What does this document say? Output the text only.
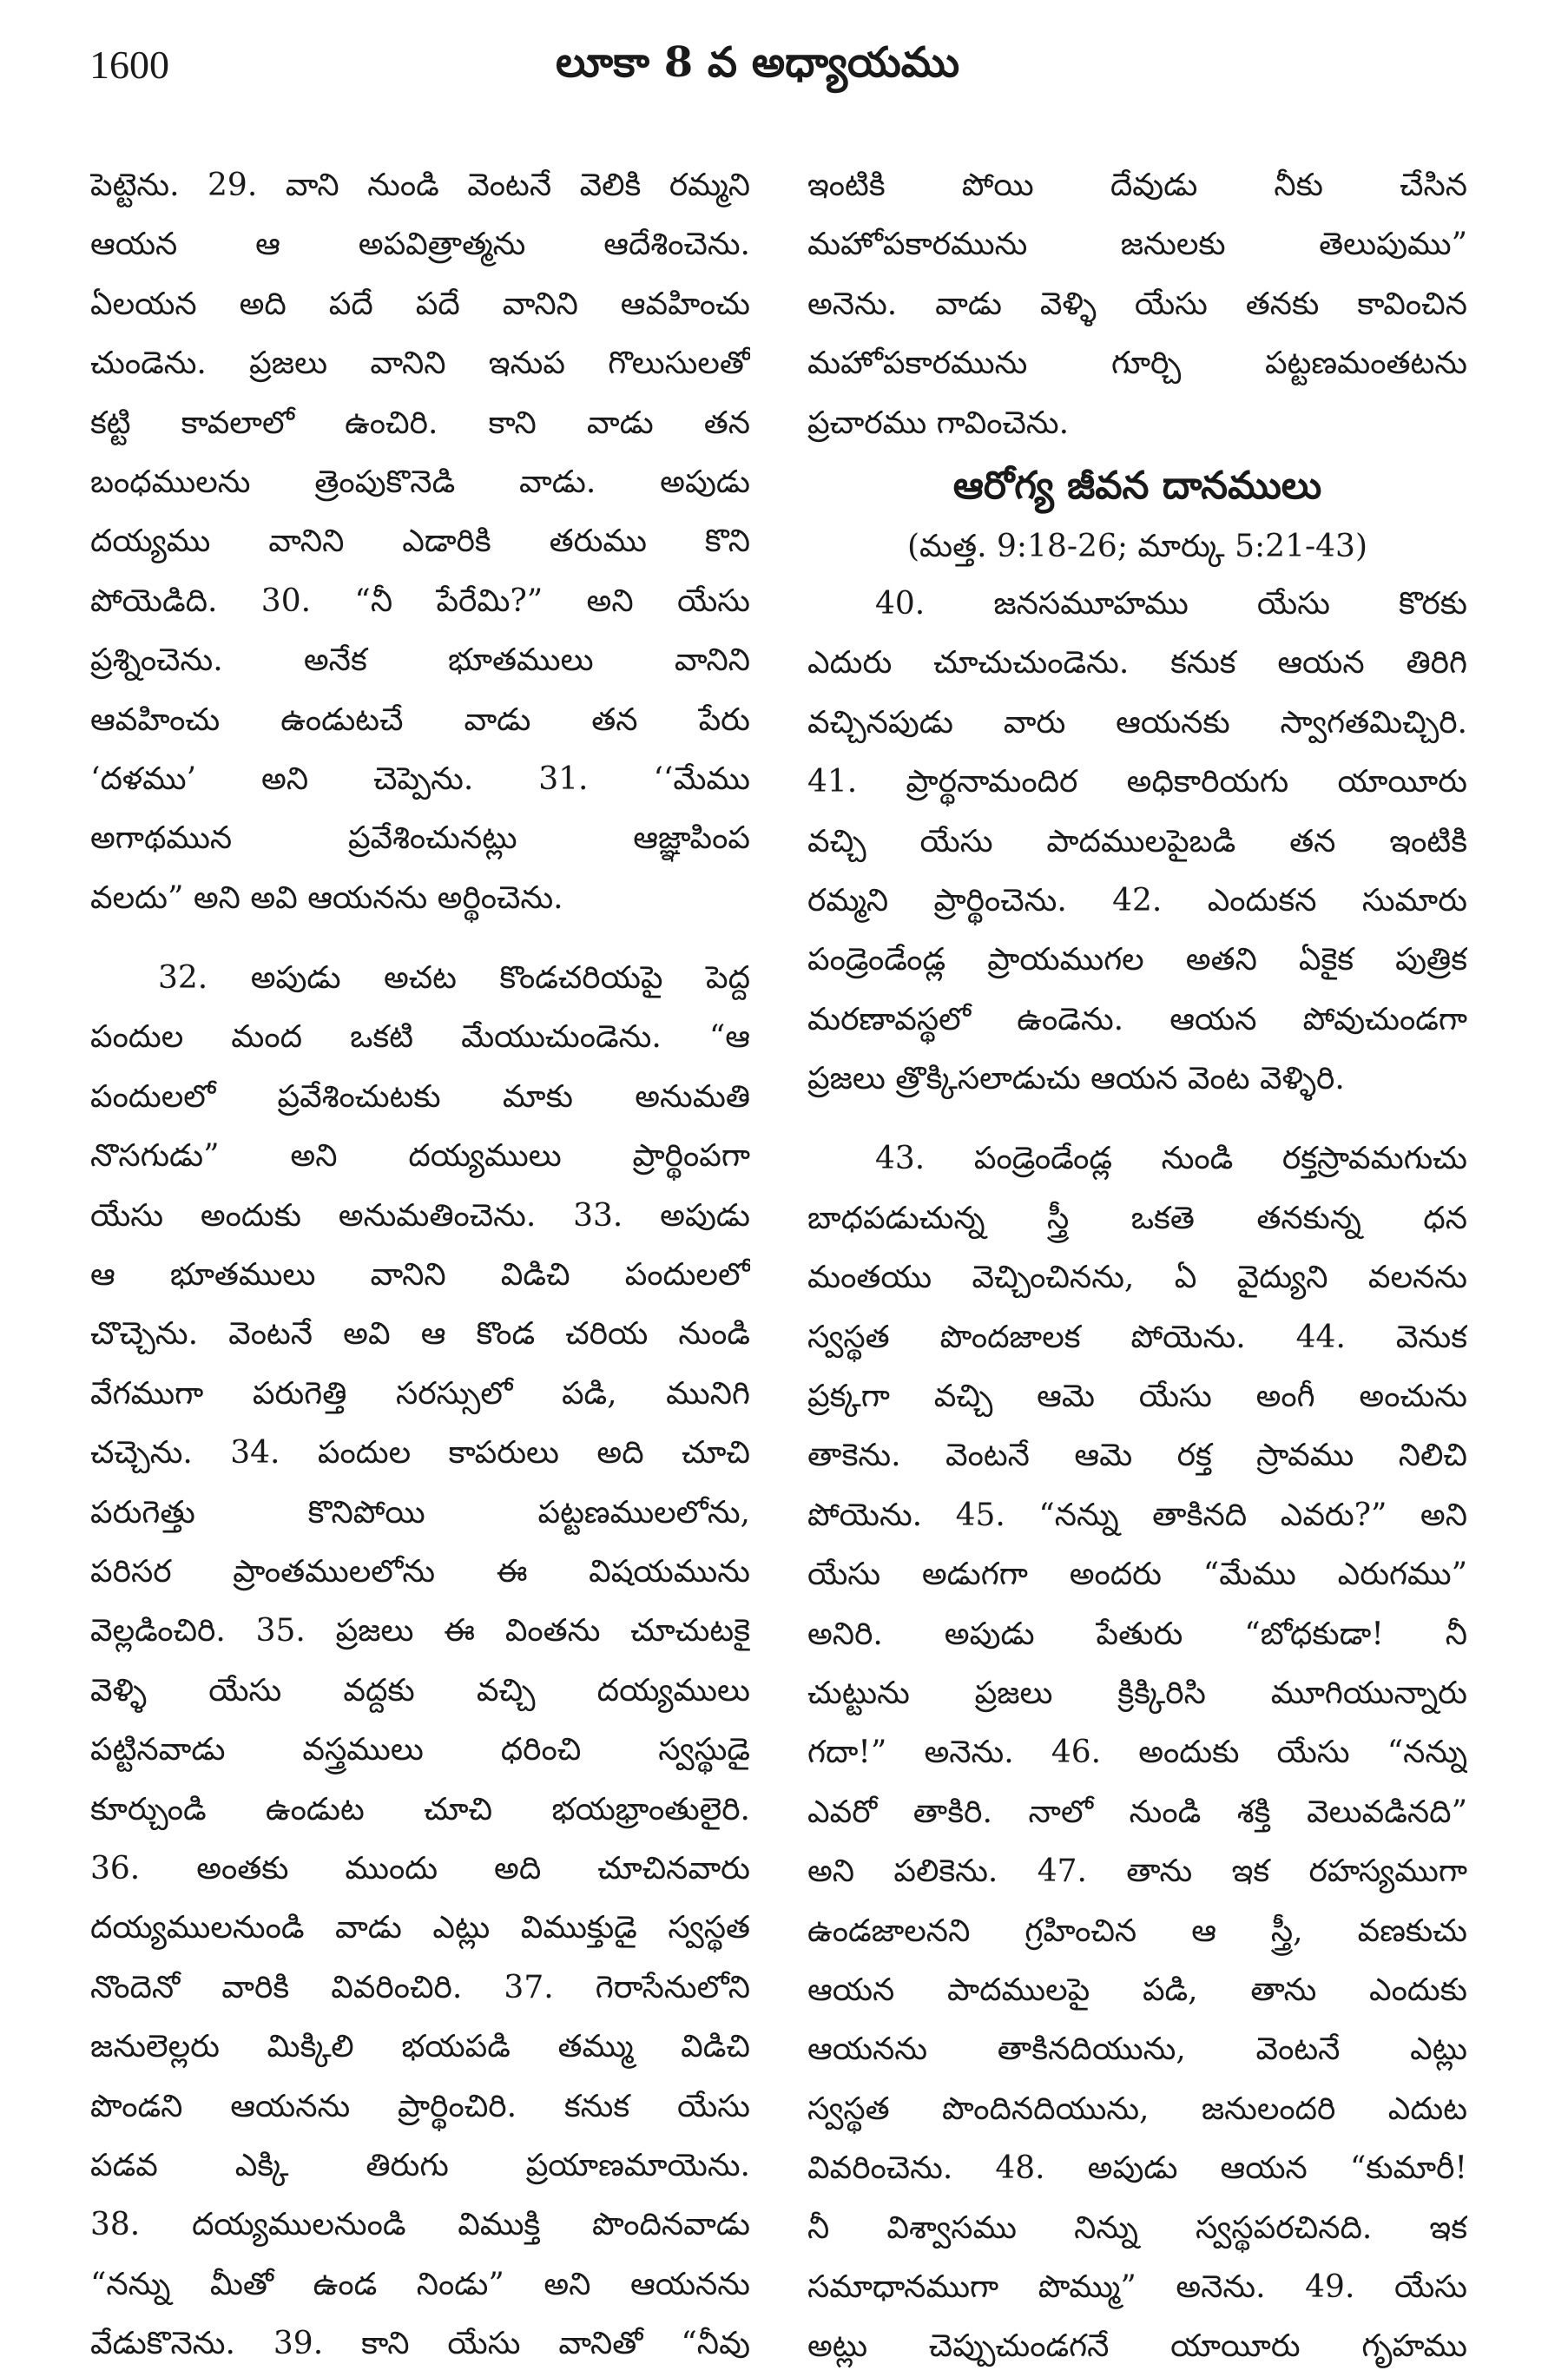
1600	లూకా 8 వ అధ్యాయము
పెట్టెను. 29. వాని నుండి వెంటనే వెలికి రమ్మని
ఆయన ఆ అపవిత్రాత్మను ఆదేశించెను.
ఏలయన అది పదే పదే వానిని ఆవహించు
చుండెను. ప్రజలు వానిని ఇనుప గొలుసులతో
కట్టి కావలాలో ఉంచిరి. కాని వాడు తన
బంధములను త్రెంపుకొనెడి వాడు. అపుడు
దయ్యము వానిని ఎడారికి తరుము కొని
పోయెడిది. 30. “నీ పేరేమి?” అని యేసు
ప్రశ్నించెను. అనేక భూతములు వానిని
ఆవహించు ఉండుటచే వాడు తన పేరు
‘దళము’ అని చెప్పెను. 31. ‘‘మేము
అగాథమున ప్రవేశించునట్లు ఆజ్ఞాపింప
వలదు” అని అవి ఆయనను అర్థించెను.
32. అపుడు అచట కొండచరియపై పెద్ద
పందుల మంద ఒకటి మేయుచుండెను. “ఆ
పందులలో ప్రవేశించుటకు మాకు అనుమతి
నొసగుడు” అని దయ్యములు ప్రార్థింపగా
యేసు అందుకు అనుమతించెను. 33. అపుడు
ఆ భూతములు వానిని విడిచి పందులలో
చొచ్చెను. వెంటనే అవి ఆ కొండ చరియ నుండి
వేగముగా పరుగెత్తి సరస్సులో పడి, మునిగి
చచ్చెను. 34. పందుల కాపరులు అది చూచి
పరుగెత్తు కొనిపోయి పట్టణములలోను,
పరిసర ప్రాంతములలోను ఈ విషయమును
వెల్లడించిరి. 35. ప్రజలు ఈ వింతను చూచుటకై
వెళ్ళి యేసు వద్దకు వచ్చి దయ్యములు
పట్టినవాడు వస్త్రములు ధరించి స్వస్థుడై
కూర్చుండి ఉండుట చూచి భయభ్రాంతులైరి.
36. అంతకు ముందు అది చూచినవారు
దయ్యములనుండి వాడు ఎట్లు విముక్తుడై స్వస్థత
నొందెనో వారికి వివరించిరి. 37. గెరాసేనులోని
జనులెల్లరు మిక్కిలి భయపడి తమ్ము విడిచి
పొండని ఆయనను ప్రార్థించిరి. కనుక యేసు
పడవ ఎక్కి తిరుగు ప్రయాణమాయెను.
38. దయ్యములనుండి విముక్తి పొందినవాడు
“నన్ను మీతో ఉండ నిండు” అని ఆయనను
వేడుకొనెను. 39. కాని యేసు వానితో “నీవు
ఇంటికి పోయి దేవుడు నీకు చేసిన
మహోపకారమును జనులకు తెలుపుము”
అనెను. వాడు వెళ్ళి యేసు తనకు కావించిన
మహోపకారమును గూర్చి పట్టణమంతటను
ప్రచారము గావించెను.
ఆరోగ్య జీవన దానములు
(మత్త. 9:18-26; మార్కు 5:21-43)
40. జనసమూహము యేసు కొరకు
ఎదురు చూచుచుండెను. కనుక ఆయన తిరిగి
వచ్చినపుడు వారు ఆయనకు స్వాగతమిచ్చిరి.
41. ప్రార్థనామందిర అధికారియగు యాయీరు
వచ్చి యేసు పాదములపైబడి తన ఇంటికి
రమ్మని ప్రార్థించెను. 42. ఎందుకన సుమారు
పండ్రెండేండ్ల ప్రాయముగల అతని ఏకైక పుత్రిక
మరణావస్థలో ఉండెను. ఆయన పోవుచుండగా
ప్రజలు త్రొక్కిసలాడుచు ఆయన వెంట వెళ్ళిరి.
43. పండ్రెండేండ్ల నుండి రక్తస్రావమగుచు
బాధపడుచున్న స్త్రీ ఒకతె తనకున్న ధన
మంతయు వెచ్చించినను, ఏ వైద్యుని వలనను
స్వస్థత పొందజాలక పోయెను. 44. వెనుక
ప్రక్కగా వచ్చి ఆమె యేసు అంగీ అంచును
తాకెను. వెంటనే ఆమె రక్త స్రావము నిలిచి
పోయెను. 45. “నన్ను తాకినది ఎవరు?” అని
యేసు అడుగగా అందరు “మేము ఎరుగము”
అనిరి. అపుడు పేతురు “బోధకుడా! నీ
చుట్టును ప్రజలు క్రిక్కిరిసి మూగియున్నారు
గదా!” అనెను. 46. అందుకు యేసు “నన్ను
ఎవరో తాకిరి. నాలో నుండి శక్తి వెలువడినది”
అని పలికెను. 47. తాను ఇక రహస్యముగా
ఉండజాలనని గ్రహించిన ఆ స్త్రీ, వణకుచు
ఆయన పాదములపై పడి, తాను ఎందుకు
ఆయనను తాకినదియును, వెంటనే ఎట్లు
స్వస్థత పొందినదియును, జనులందరి ఎదుట
వివరించెను. 48. అపుడు ఆయన “కుమారీ!
నీ విశ్వాసము నిన్ను స్వస్థపరచినది. ఇక
సమాధానముగా పొమ్ము” అనెను. 49. యేసు
అట్లు చెప్పుచుండగనే యాయీరు గృహము
